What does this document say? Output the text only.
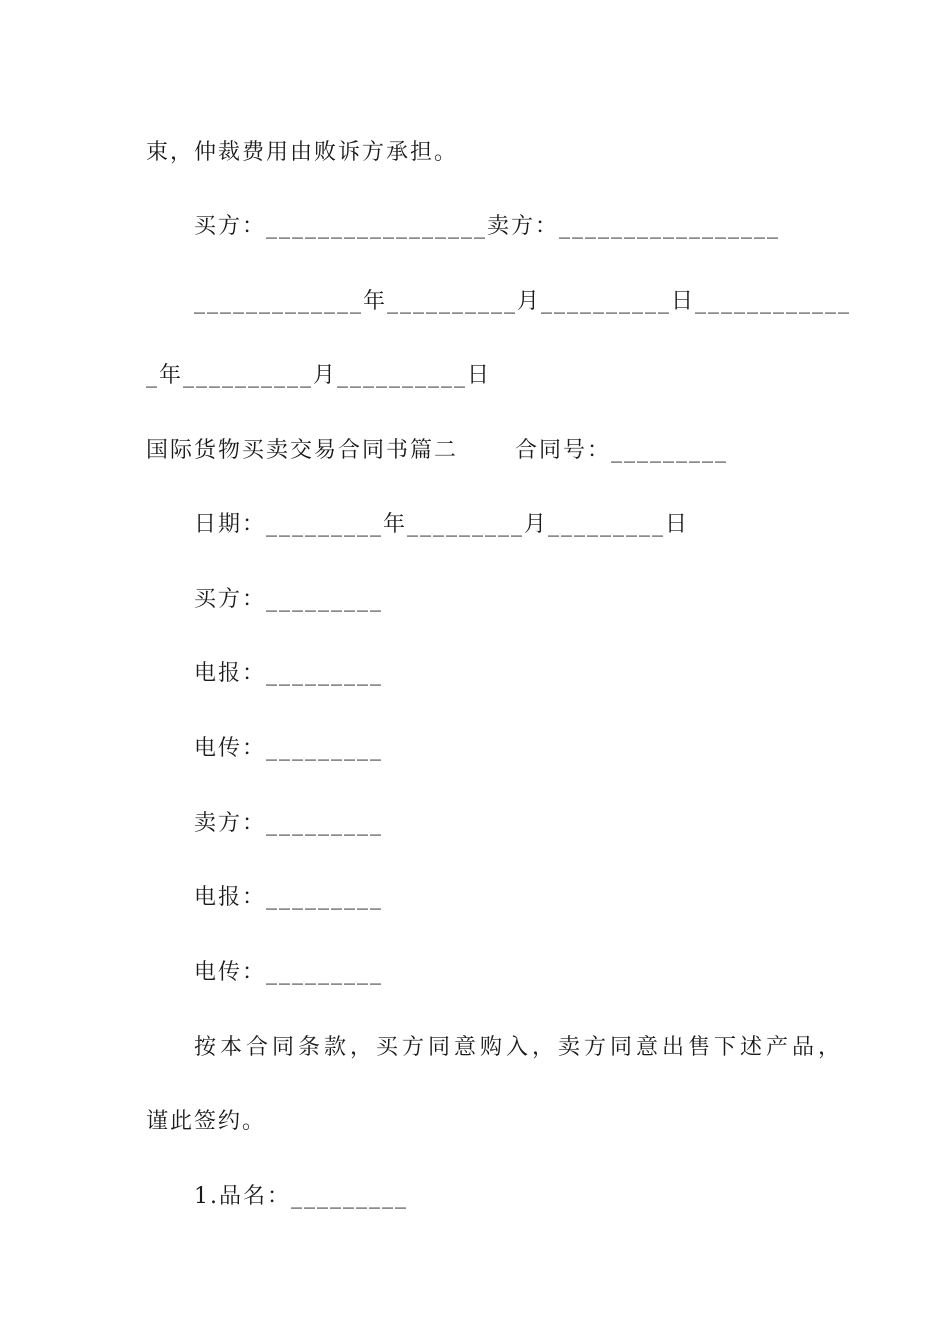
束，仲裁费用由败诉方承担。
买方：_________________卖方：_________________
_____________年__________月__________日____________
_年__________月__________日
国际货物买卖交易合同书篇二　　 合同号：_________
日期：_________年_________月_________日
买方：_________
电报：_________
电传：_________
卖方：_________
电报：_________
电传：_________
按本合同条款，买方同意购入，卖方同意出售下述产品，
谨此签约。
1.品名：_________
